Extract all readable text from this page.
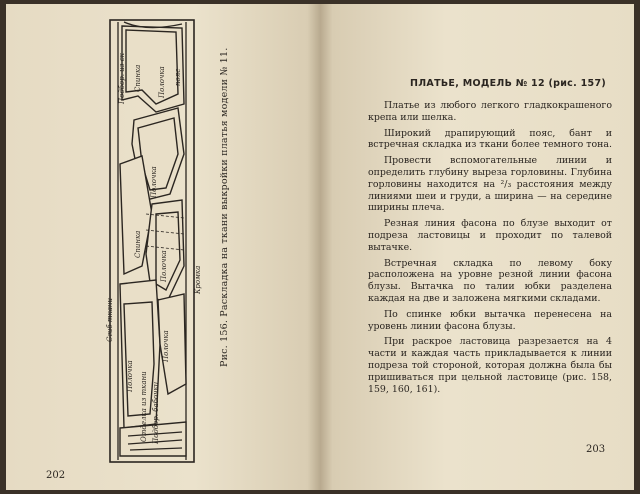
Сгиб ткани
Кромка
Подбор. из ск Спинка Полочка пояс
Полочка
Спинка
Полочка
Полочка
Полочка Отделка из ткани Подбор. бабочки
Рис. 156. Раскладка на ткани выкройки платья модели № 11.
202
ПЛАТЬЕ, МОДЕЛЬ № 12 (рис. 157)

Платье из любого легкого гладкокрашеного крепа или шелка.

Широкий драпирующий пояс, бант и встречная складка из ткани более темного тона.

Провести вспомогательные линии и определить глубину выреза горловины. Глубина горловины находится на ²/₃ расстояния между линиями шеи и груди, а ширина — на середине ширины плеча.

Резная линия фасона по блузе выходит от подреза ластовицы и проходит по талевой вытачке.

Встречная складка по левому боку расположена на уровне резной линии фасона блузы. Вытачка по талии юбки разделена каждая на две и заложена мягкими складами.

По спинке юбки вытачка перенесена на уровень линии фасона блузы.

При раскрое ластовица разрезается на 4 части и каждая часть прикладывается к линии подреза той стороной, которая должна была бы пришиваться при цельной ластовице (рис. 158, 159, 160, 161).

203
